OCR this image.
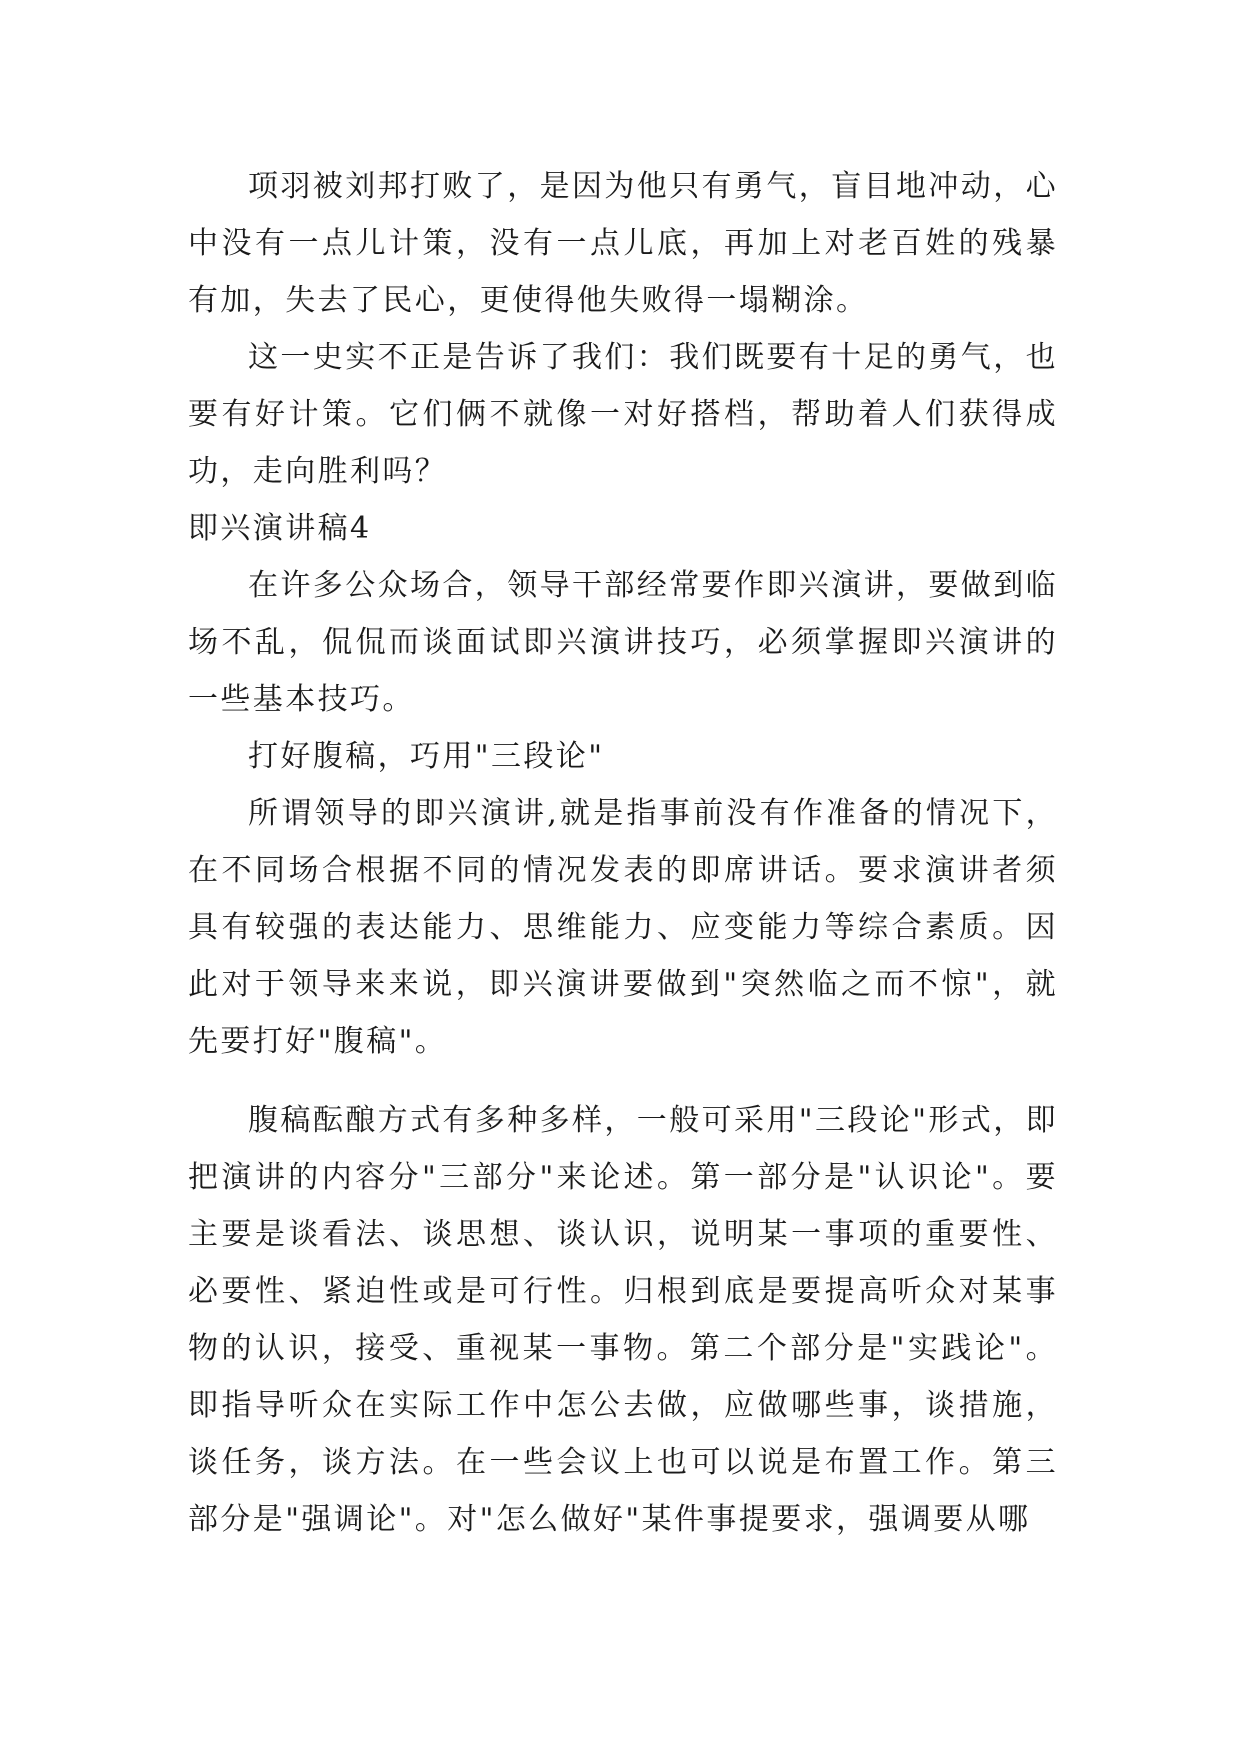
项羽被刘邦打败了，是因为他只有勇气，盲目地冲动，心中没有一点儿计策，没有一点儿底，再加上对老百姓的残暴有加，失去了民心，更使得他失败得一塌糊涂。

这一史实不正是告诉了我们：我们既要有十足的勇气，也要有好计策。它们俩不就像一对好搭档，帮助着人们获得成功，走向胜利吗？

即兴演讲稿4

在许多公众场合，领导干部经常要作即兴演讲，要做到临场不乱，侃侃而谈面试即兴演讲技巧，必须掌握即兴演讲的一些基本技巧。

打好腹稿，巧用"三段论"

所谓领导的即兴演讲,就是指事前没有作准备的情况下，在不同场合根据不同的情况发表的即席讲话。要求演讲者须具有较强的表达能力、思维能力、应变能力等综合素质。因此对于领导来来说，即兴演讲要做到"突然临之而不惊"，就先要打好"腹稿"。

腹稿酝酿方式有多种多样，一般可采用"三段论"形式，即把演讲的内容分"三部分"来论述。第一部分是"认识论"。要主要是谈看法、谈思想、谈认识，说明某一事项的重要性、必要性、紧迫性或是可行性。归根到底是要提高听众对某事物的认识，接受、重视某一事物。第二个部分是"实践论"。即指导听众在实际工作中怎公去做，应做哪些事，谈措施，谈任务，谈方法。在一些会议上也可以说是布置工作。第三部分是"强调论"。对"怎么做好"某件事提要求，强调要从哪
